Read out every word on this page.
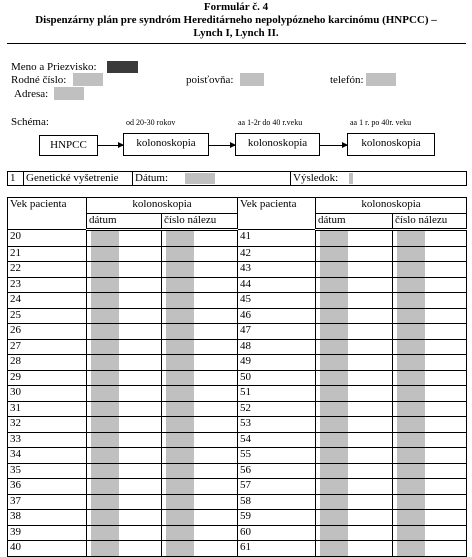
Formulár č. 4
Dispenzárny plán pre syndróm Hereditárneho nepolypózneho karcinómu (HNPCC) –
Lynch I, Lynch II.
Meno a Priezvisko:
Rodné číslo:	poisťovňa:	telefón:
Adresa:
Schéma:	od 20-30 rokov	aa 1-2r do 40 r.veku	aa 1 r. po 40r. veku
HNPCC	kolonoskopia	kolonoskopia	kolonoskopia
1	Genetické vyšetrenie	Dátum:	Výsledok:
Vek pacienta	kolonoskopia		Vek pacienta	kolonoskopia	
	dátum	číslo nálezu		dátum	číslo nálezu
20			41	

21			42	

22			43	

23			44	

24			45	

25			46	

26			47	

27			48	

28			49	

29			50	

30			51	

31			52	

32			53	

33			54	

34			55	

35			56	

36			57	

37			58	

38			59	

39			60	

40			61	
